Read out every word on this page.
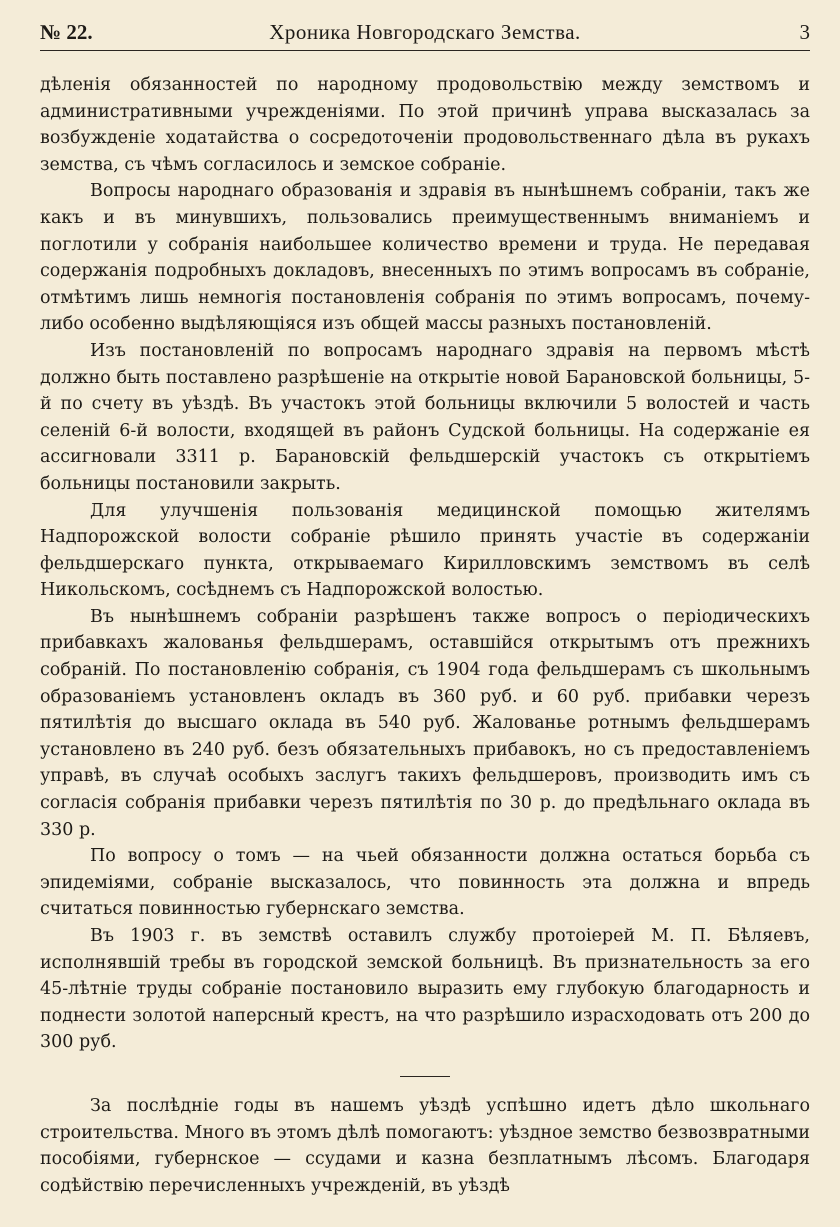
№ 22.	Хроника Новгородскаго Земства.	3

дѣленія обязанностей по народному продовольствію между земствомъ и административными учрежденіями. По этой причинѣ управа высказалась за возбужденіе ходатайства о сосредоточеніи продовольственнаго дѣла въ рукахъ земства, съ чѣмъ согласилось и земское собраніе.

Вопросы народнаго образованія и здравія въ нынѣшнемъ собраніи, такъ же какъ и въ минувшихъ, пользовались преимущественнымъ вниманіемъ и поглотили у собранія наибольшее количество времени и труда. Не передавая содержанія подробныхъ докладовъ, внесенныхъ по этимъ вопросамъ въ собраніе, отмѣтимъ лишь немногія постановленія собранія по этимъ вопросамъ, почему-либо особенно выдѣляющіяся изъ общей массы разныхъ постановленій.

Изъ постановленій по вопросамъ народнаго здравія на первомъ мѣстѣ должно быть поставлено разрѣшеніе на открытіе новой Барановской больницы, 5-й по счету въ уѣздѣ. Въ участокъ этой больницы включили 5 волостей и часть селеній 6-й волости, входящей въ районъ Судской больницы. На содержаніе ея ассигновали 3311 р. Барановскій фельдшерскій участокъ съ открытіемъ больницы постановили закрыть.

Для улучшенія пользованія медицинской помощью жителямъ Надпорожской волости собраніе рѣшило принять участіе въ содержаніи фельдшерскаго пункта, открываемаго Кирилловскимъ земствомъ въ селѣ Никольскомъ, сосѣднемъ съ Надпорожской волостью.

Въ нынѣшнемъ собраніи разрѣшенъ также вопросъ о періодическихъ прибавкахъ жалованья фельдшерамъ, оставшійся открытымъ отъ прежнихъ собраній. По постановленію собранія, съ 1904 года фельдшерамъ съ школьнымъ образованіемъ установленъ окладъ въ 360 руб. и 60 руб. прибавки черезъ пятилѣтія до высшаго оклада въ 540 руб. Жалованье ротнымъ фельдшерамъ установлено въ 240 руб. безъ обязательныхъ прибавокъ, но съ предоставленіемъ управѣ, въ случаѣ особыхъ заслугъ такихъ фельдшеровъ, производить имъ съ согласія собранія прибавки черезъ пятилѣтія по 30 р. до предѣльнаго оклада въ 330 р.

По вопросу о томъ — на чьей обязанности должна остаться борьба съ эпидеміями, собраніе высказалось, что повинность эта должна и впредь считаться повинностью губернскаго земства.

Въ 1903 г. въ земствѣ оставилъ службу протоіерей М. П. Бѣляевъ, исполнявшій требы въ городской земской больницѣ. Въ признательность за его 45-лѣтніе труды собраніе постановило выразить ему глубокую благодарность и поднести золотой наперсный крестъ, на что разрѣшило израсходовать отъ 200 до 300 руб.

За послѣдніе годы въ нашемъ уѣздѣ успѣшно идетъ дѣло школьнаго строительства. Много въ этомъ дѣлѣ помогаютъ: уѣздное земство безвозвратными пособіями, губернское — ссудами и казна безплатнымъ лѣсомъ. Благодаря содѣйствію перечисленныхъ учрежденій, въ уѣздѣ
